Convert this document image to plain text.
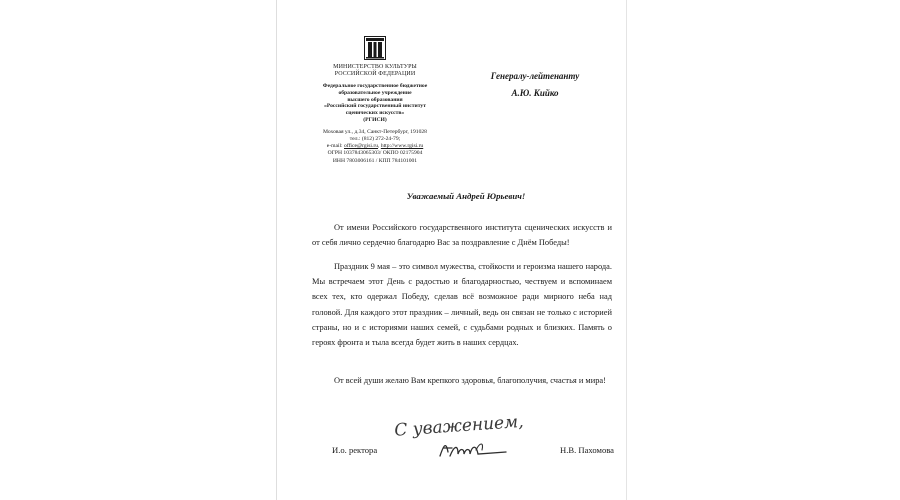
МИНИСТЕРСТВО КУЛЬТУРЫ
РОССИЙСКОЙ ФЕДЕРАЦИИ
Федеральное государственное бюджетное
образовательное учреждение
высшего образования
«Российский государственный институт
сценических искусств»
(РГИСИ)
Моховая ул., д.34, Санкт-Петербург, 191028
тел.: (812) 272-24-79;
e-mail: office@rgisi.ru, http://www.rgisi.ru
ОГРН 1037843065303/ ОКПО 02175904
ИНН 7803006161 / КПП 784101001
Генералу-лейтенанту
А.Ю. Кийко
Уважаемый Андрей Юрьевич!
От имени Российского государственного института сценических искусств и от себя лично сердечно благодарю Вас за поздравление с Днём Победы!
Праздник 9 мая – это символ мужества, стойкости и героизма нашего народа. Мы встречаем этот День с радостью и благодарностью, чествуем и вспоминаем всех тех, кто одержал Победу, сделав всё возможное ради мирного неба над головой. Для каждого этот праздник – личный, ведь он связан не только с историей страны, но и с историями наших семей, с судьбами родных и близких. Память о героях фронта и тыла всегда будет жить в наших сердцах.
От всей души желаю Вам крепкого здоровья, благополучия, счастья и мира!
С уважением,
И.о. ректора	Н.В. Пахомова
